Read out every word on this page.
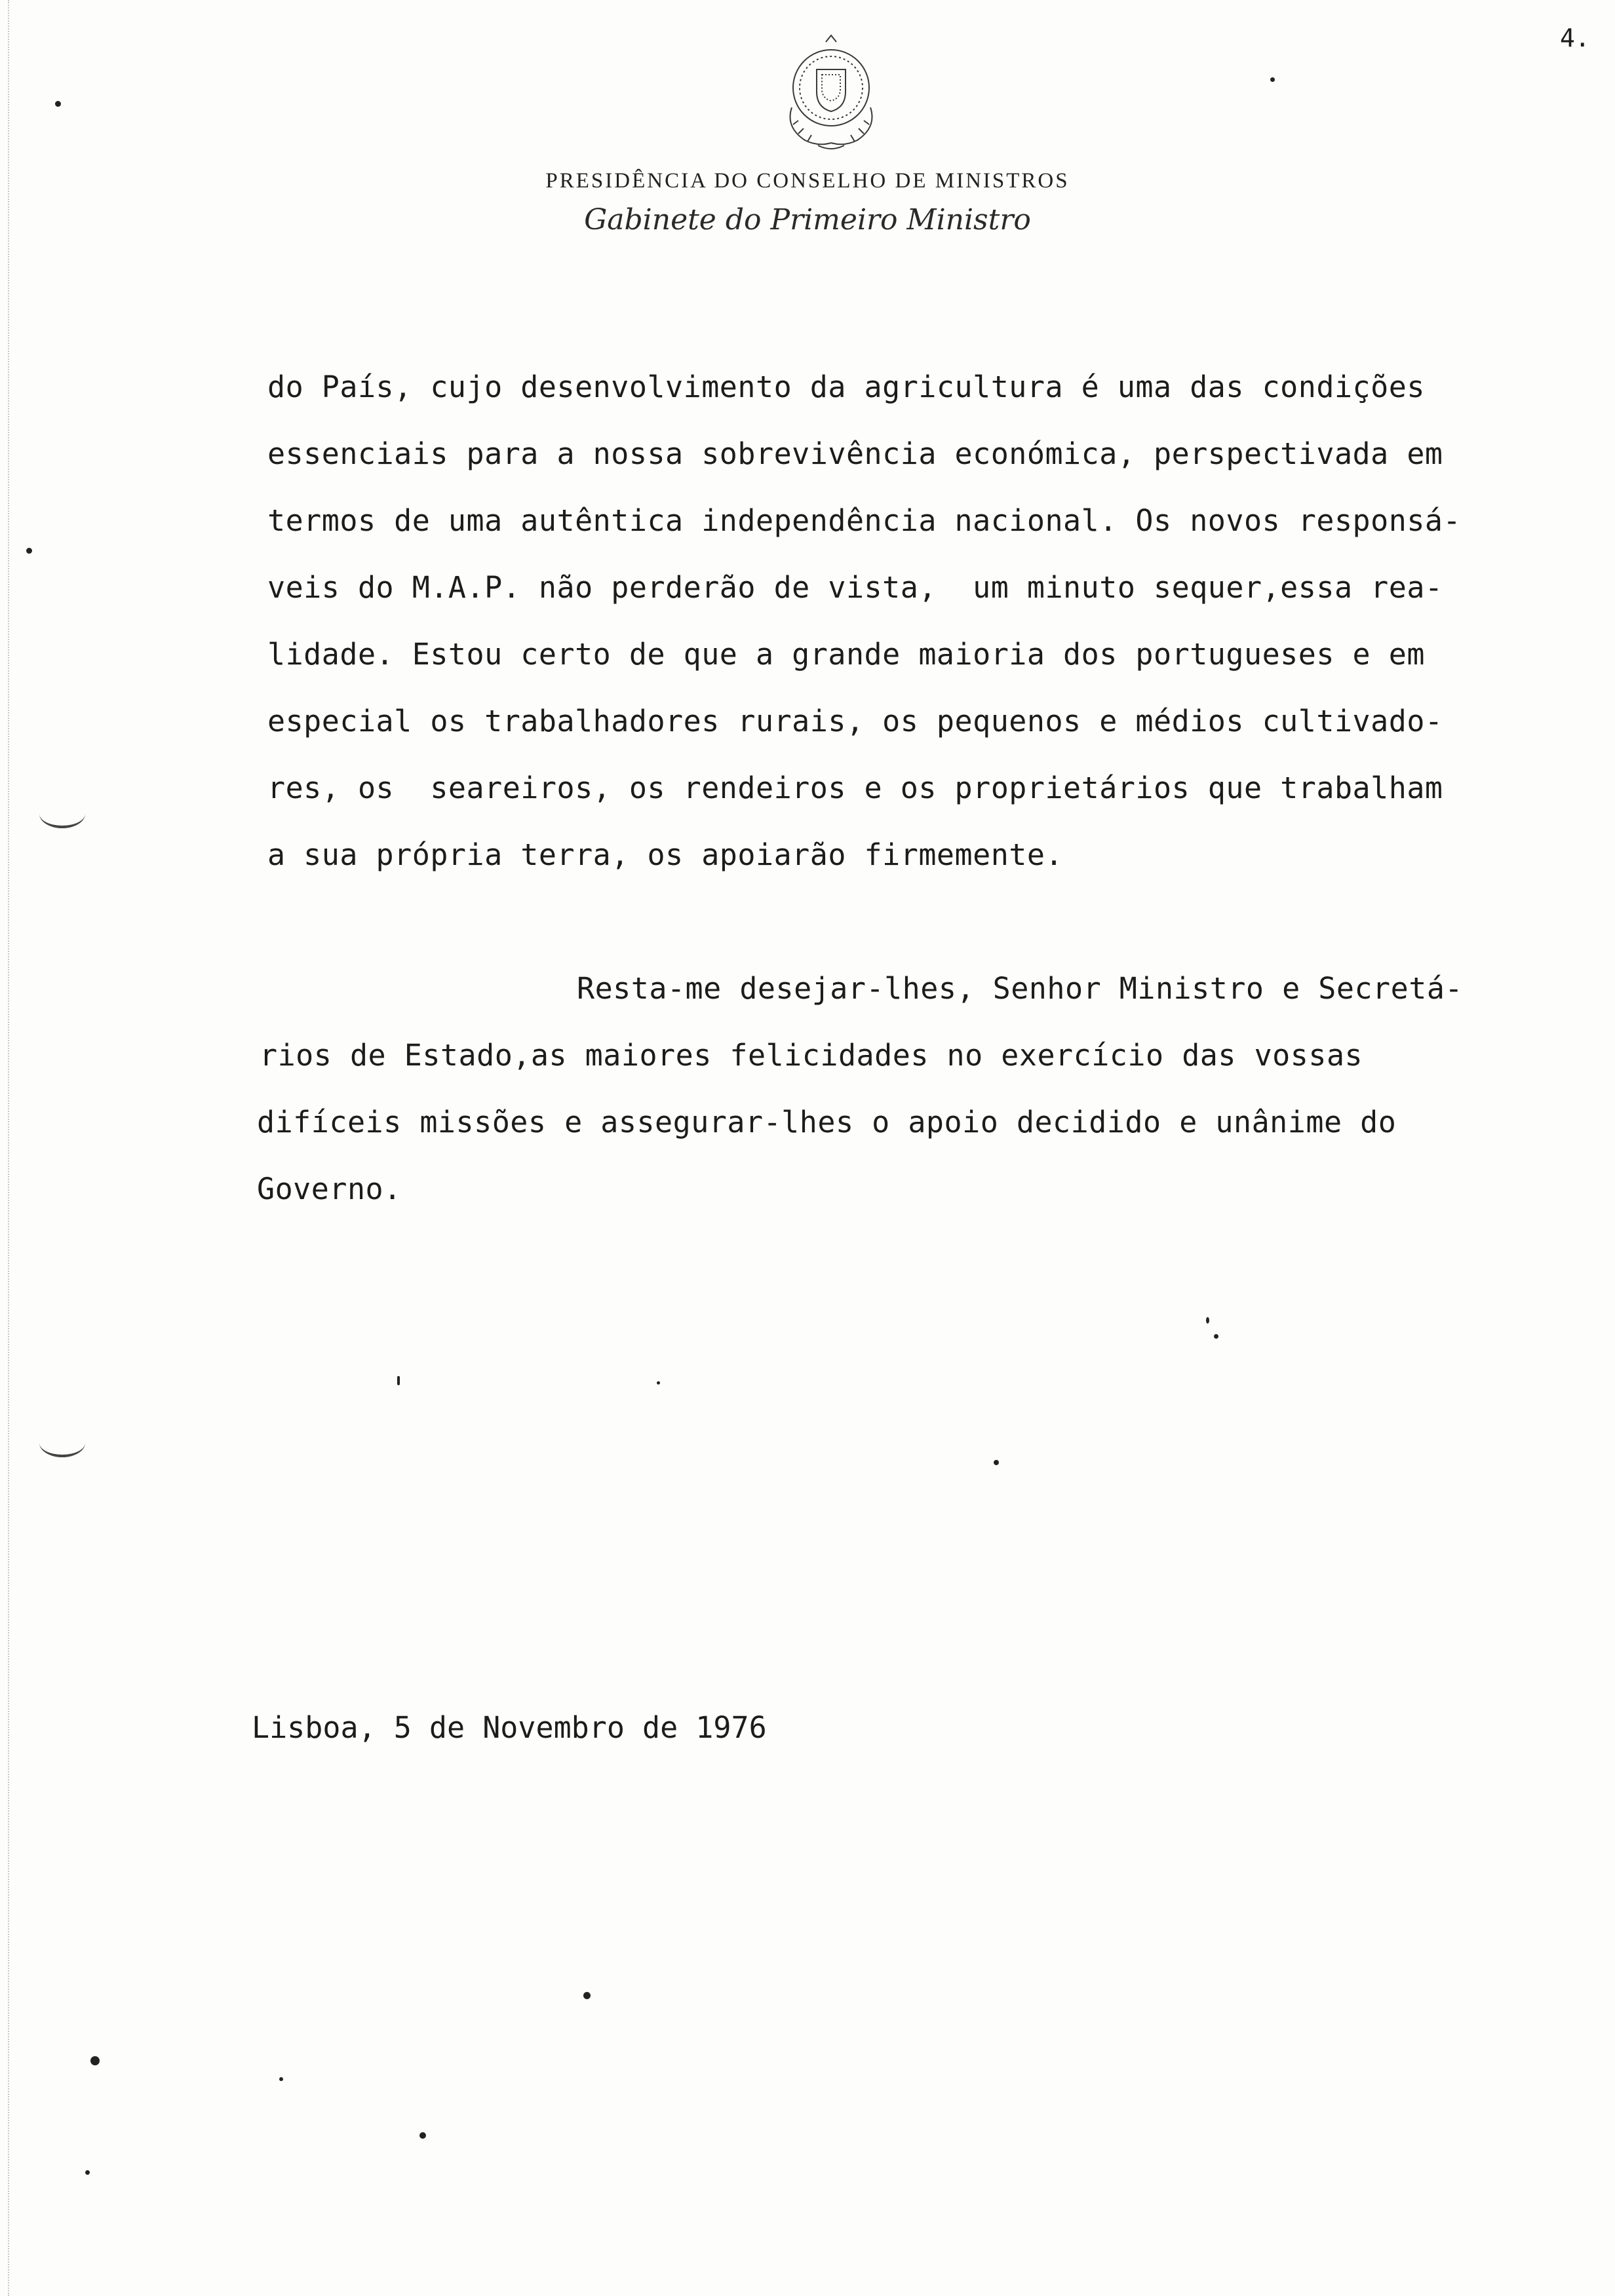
4.
PRESIDÊNCIA DO CONSELHO DE MINISTROS
Gabinete do Primeiro Ministro
do País, cujo desenvolvimento da agricultura é uma das condições
essenciais para a nossa sobrevivência económica, perspectivada em
termos de uma autêntica independência nacional. Os novos responsá-
veis do M.A.P. não perderão de vista,  um minuto sequer,essa rea-
lidade. Estou certo de que a grande maioria dos portugueses e em
especial os trabalhadores rurais, os pequenos e médios cultivado-
res, os  seareiros, os rendeiros e os proprietários que trabalham
a sua própria terra, os apoiarão firmemente.
Resta-me desejar-lhes, Senhor Ministro e Secretá-
rios de Estado,as maiores felicidades no exercício das vossas
difíceis missões e assegurar-lhes o apoio decidido e unânime do
Governo.
Lisboa, 5 de Novembro de 1976
